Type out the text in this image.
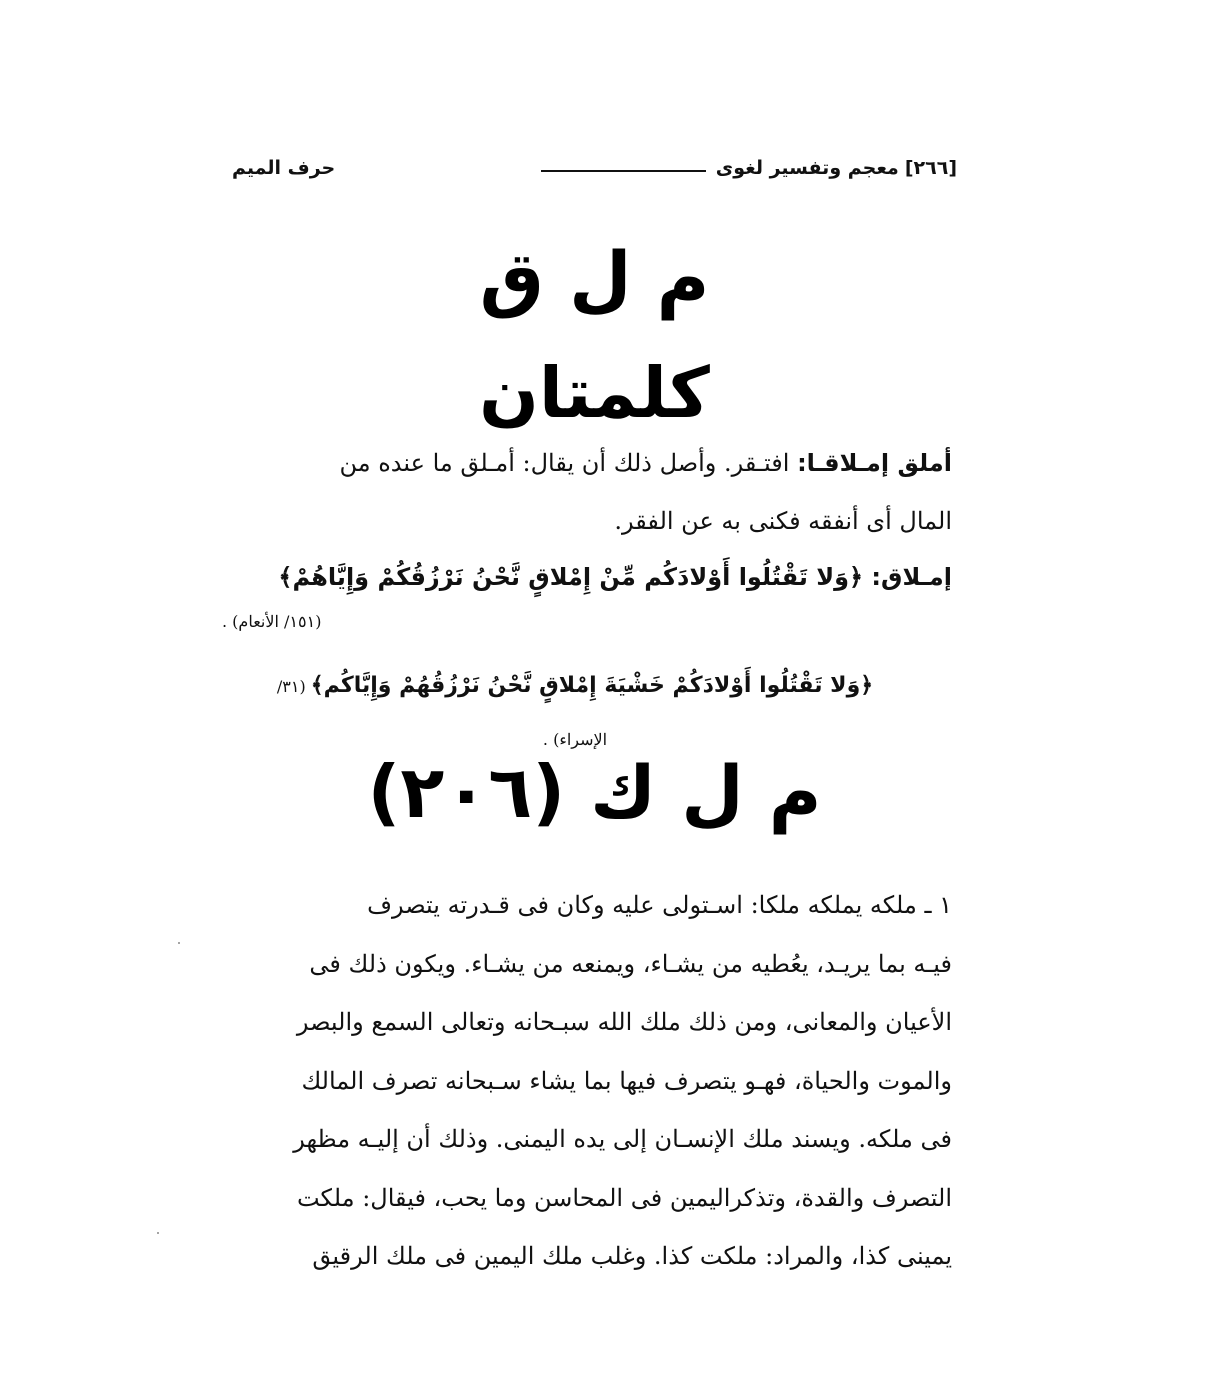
[٢٦٦]
معجم وتفسير لغوى
حرف الميم
م ل ق
كلمتان
أملق إمـلاقـا: افتـقر. وأصل ذلك أن يقال: أمـلق ما عنده من
المال أى أنفقه فكنى به عن الفقر.
إمـلاق: ﴿وَلا تَقْتُلُوا أَوْلادَكُم مِّنْ إِمْلاقٍ نَّحْنُ نَرْزُقُكُمْ وَإِيَّاهُمْ﴾
(١٥١/ الأنعام) .
﴿وَلا تَقْتُلُوا أَوْلادَكُمْ خَشْيَةَ إِمْلاقٍ نَّحْنُ نَرْزُقُهُمْ وَإِيَّاكُم﴾ (٣١/الإسراء) .
م ل ك (٢٠٦)
١ ـ ملكه يملكه ملكا: اسـتولى عليه وكان فى قـدرته يتصرف
فيـه بما يريـد، يعُطيه من يشـاء، ويمنعه من يشـاء. ويكون ذلك فى
الأعيان والمعانى، ومن ذلك ملك الله سبـحانه وتعالى السمع والبصر
والموت والحياة، فهـو يتصرف فيها بما يشاء سـبحانه تصرف المالك
فى ملكه. ويسند ملك الإنسـان إلى يده اليمنى. وذلك أن إليـه مظهر
التصرف والقدة، وتذكراليمين فى المحاسن وما يحب، فيقال: ملكت
يمينى كذا، والمراد: ملكت كذا. وغلب ملك اليمين فى ملك الرقيق
